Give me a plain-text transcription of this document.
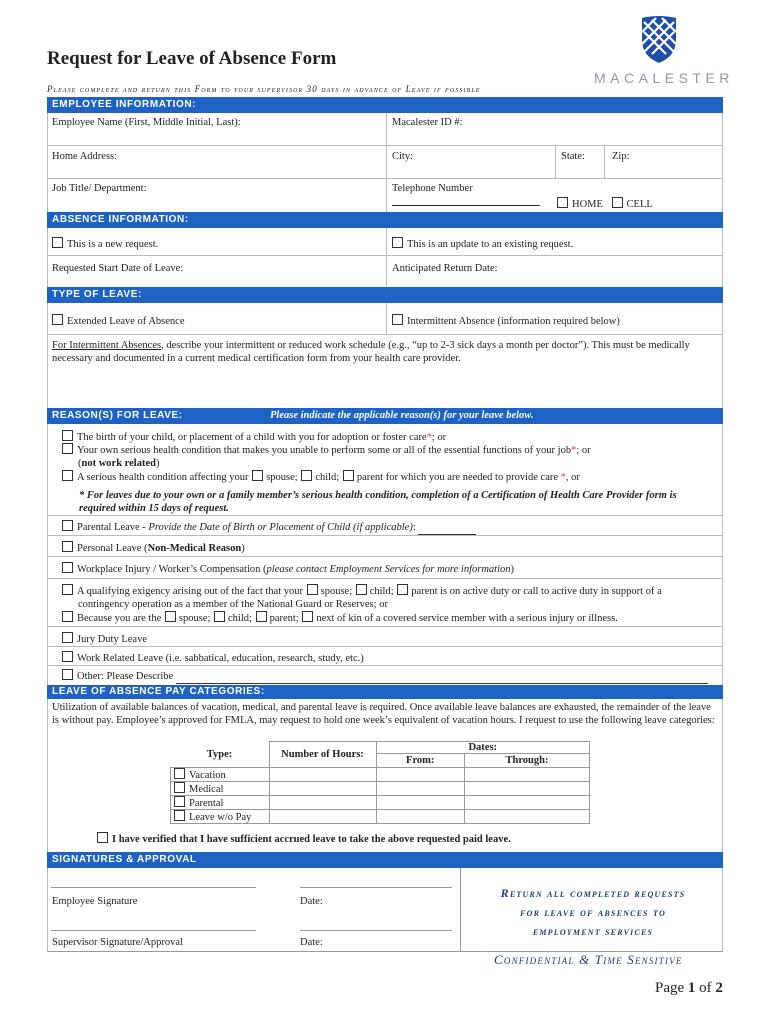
Request for Leave of Absence Form
Please complete and return this Form to your supervisor 30 days in advance of Leave if possible
MACALESTER
EMPLOYEE INFORMATION:
Employee Name (First, Middle Initial, Last):	Macalester ID #:
Home Address:	City:	State:	Zip:
Job Title/ Department:	Telephone Number
HOME CELL
ABSENCE INFORMATION:
This is a new request.	This is an update to an existing request.
Requested Start Date of Leave:	Anticipated Return Date:
TYPE OF LEAVE:
Extended Leave of Absence	Intermittent Absence (information required below)
For Intermittent Absences, describe your intermittent or reduced work schedule (e.g., “up to 2-3 sick days a month per doctor”). This must be medically necessary and documented in a current medical certification form from your health care provider.
REASON(S) FOR LEAVE:	Please indicate the applicable reason(s) for your leave below.
The birth of your child, or placement of a child with you for adoption or foster care*; or
Your own serious health condition that makes you unable to perform some or all of the essential functions of your job*; or
(not work related)
A serious health condition affecting your spouse; child; parent for which you are needed to provide care *, or
* For leaves due to your own or a family member’s serious health condition, completion of a Certification of Health Care Provider form is required within 15 days of request.
Parental Leave - Provide the Date of Birth or Placement of Child (if applicable):
Personal Leave (Non-Medical Reason)
Workplace Injury / Worker’s Compensation (please contact Employment Services for more information)
A qualifying exigency arising out of the fact that your spouse; child; parent is on active duty or call to active duty in support of a
contingency operation as a member of the National Guard or Reserves; or
Because you are the spouse; child; parent; next of kin of a covered service member with a serious injury or illness.
Jury Duty Leave
Work Related Leave (i.e. sabbatical, education, research, study, etc.)
Other: Please Describe
LEAVE OF ABSENCE PAY CATEGORIES:
Utilization of available balances of vacation, medical, and parental leave is required. Once available leave balances are exhausted, the remainder of the leave is without pay. Employee’s approved for FMLA, may request to hold one week’s equivalent of vacation hours. I request to use the following leave categories:
Type:	Number of Hours:	Dates:	
		From:	Through:
Vacation			
Medical			
Parental			
Leave w/o Pay			
I have verified that I have sufficient accrued leave to take the above requested paid leave.
SIGNATURES & APPROVAL
Employee Signature	Date:
Supervisor Signature/Approval	Date:
Return all completed requests
for leave of absences to
employment services
Confidential & Time Sensitive
Page 1 of 2
